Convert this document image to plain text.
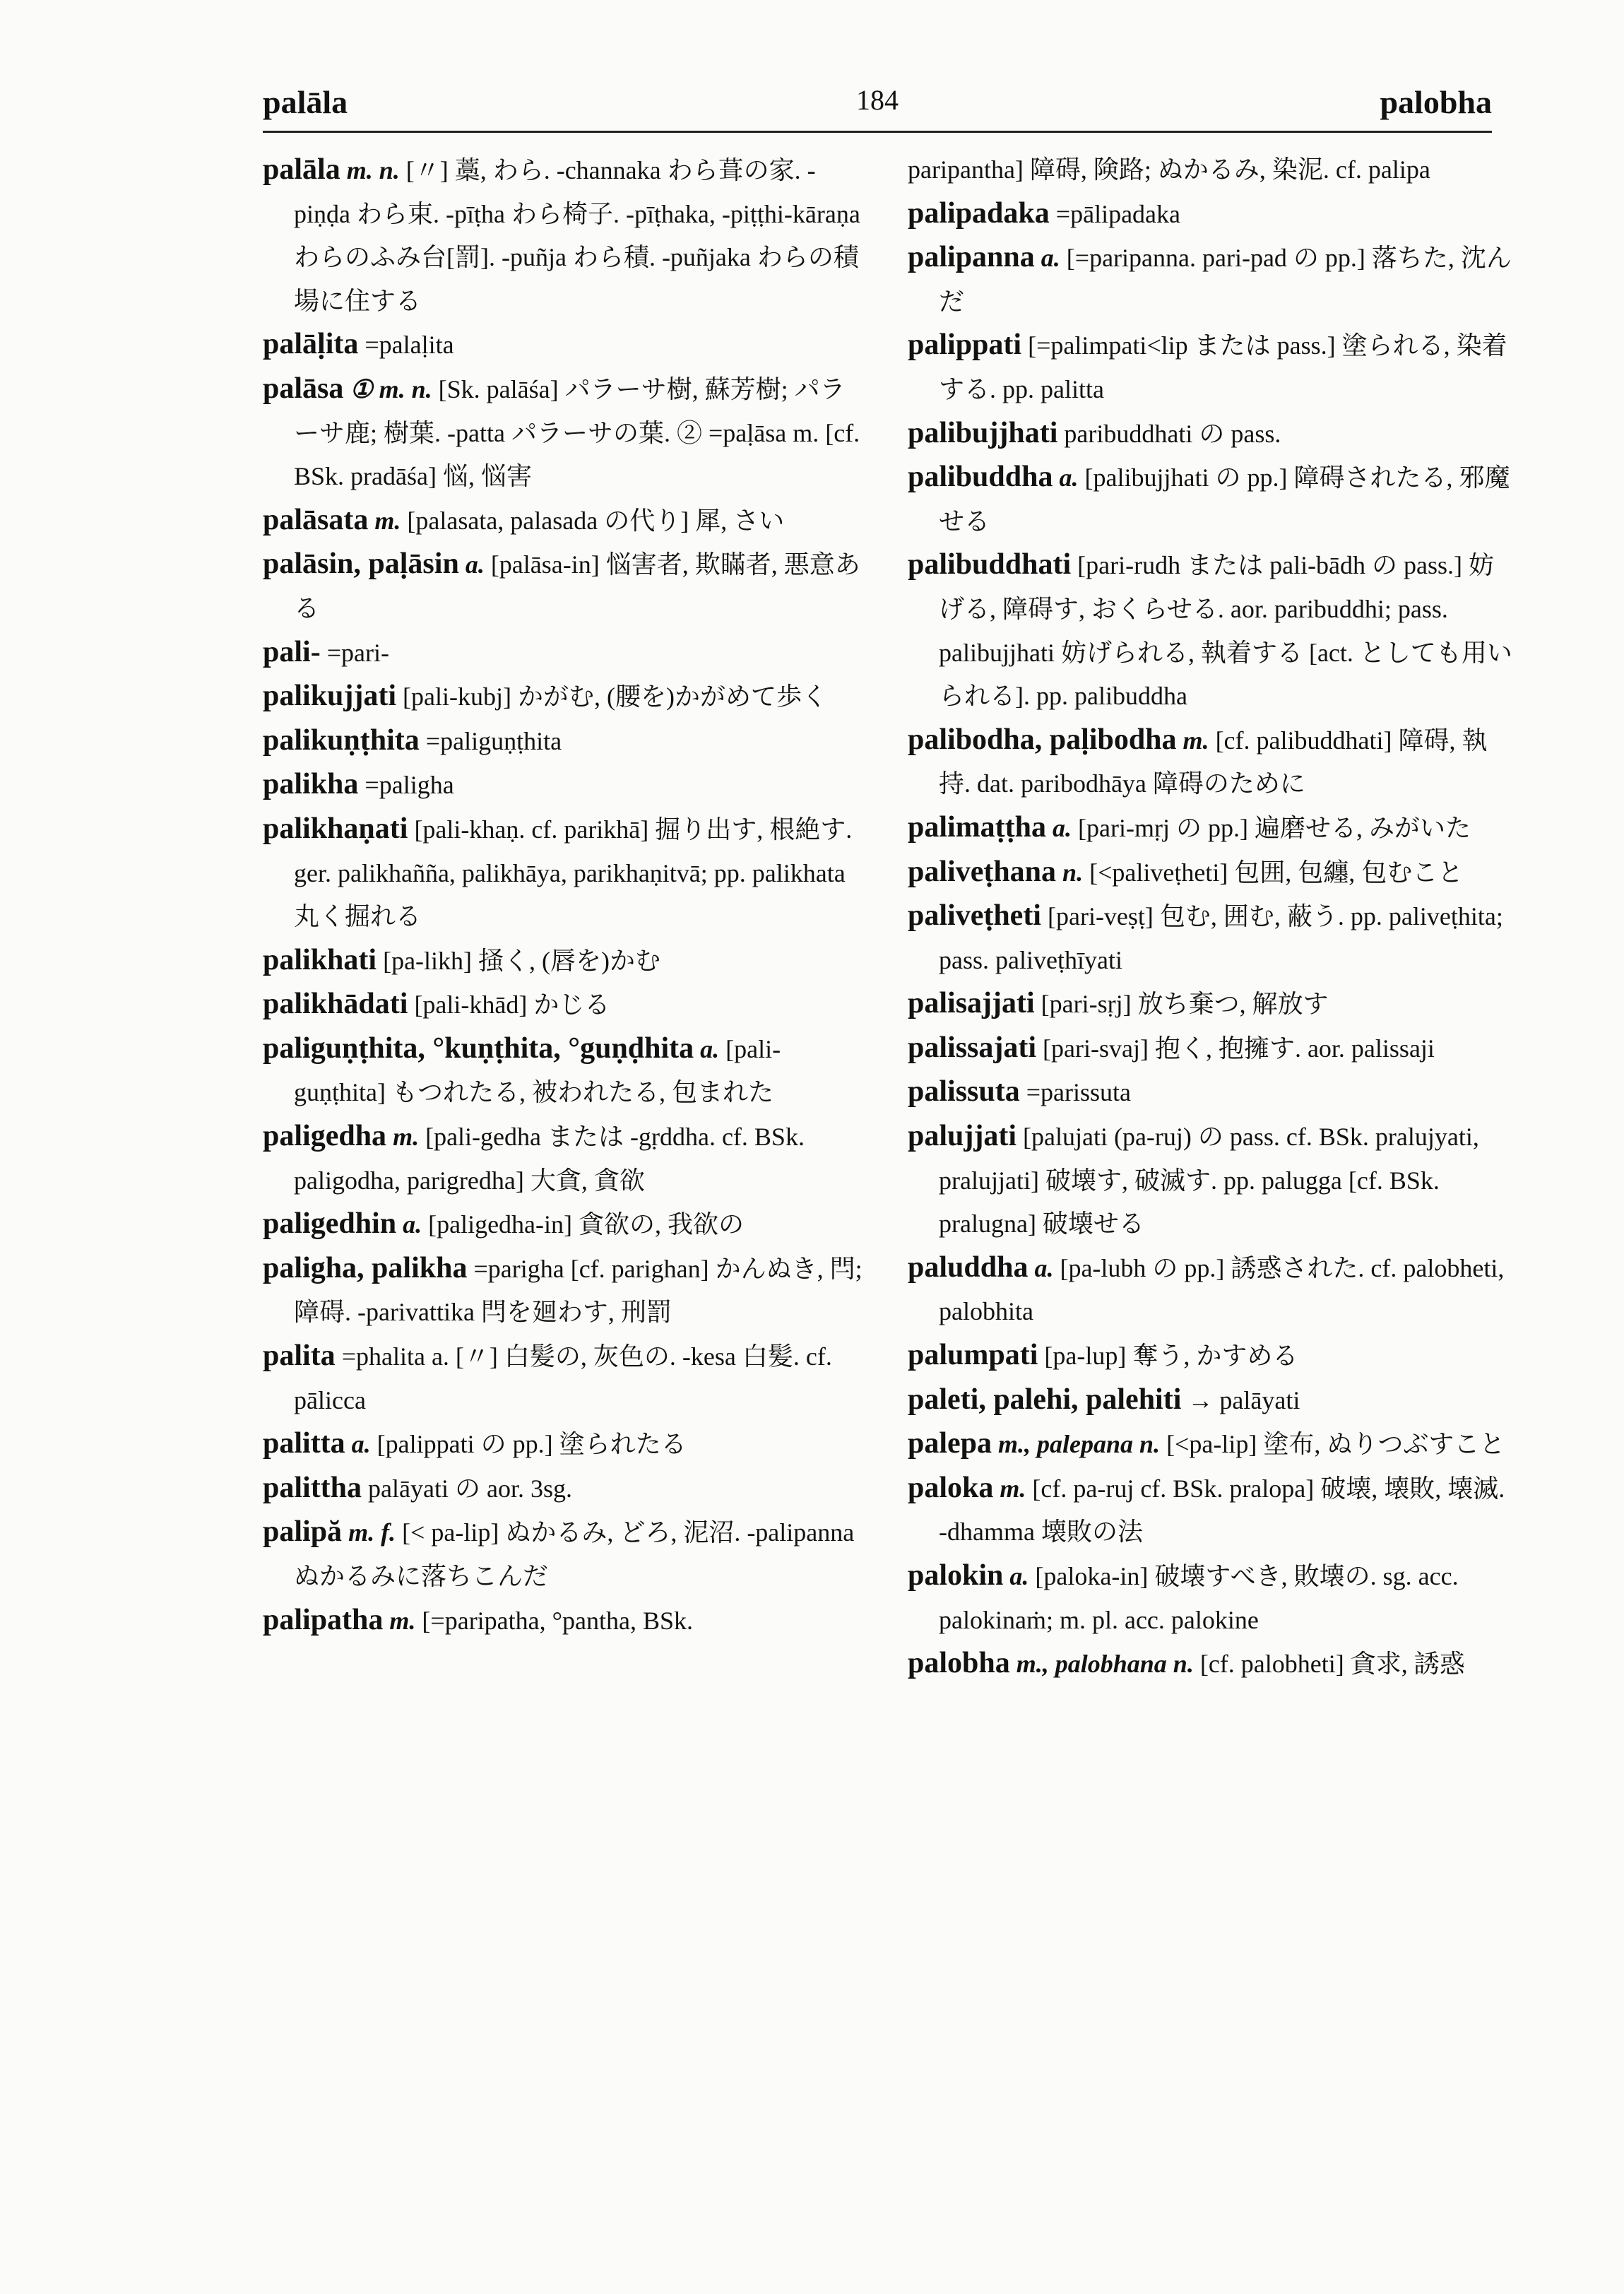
palāla	184	palobha

palāla m. n. [〃] 藁, わら. -channaka わら葺の家. -piṇḍa わら束. -pīṭha わら椅子. -pīṭhaka, -piṭṭhi-kāraṇa わらのふみ台[罰]. -puñja わら積. -puñjaka わらの積場に住する

palāḷita =palaḷita

palāsa ① m. n. [Sk. palāśa] パラーサ樹, 蘇芳樹; パラーサ鹿; 樹葉. -patta パラーサの葉. ② =paḷāsa m. [cf. BSk. pradāśa] 悩, 悩害

palāsata m. [palasata, palasada の代り] 犀, さい

palāsin, paḷāsin a. [palāsa-in] 悩害者, 欺瞞者, 悪意ある

pali- =pari-

palikujjati [pali-kubj] かがむ, (腰を)かがめて歩く

palikuṇṭhita =paliguṇṭhita

palikha =paligha

palikhaṇati [pali-khaṇ. cf. parikhā] 掘り出す, 根絶す. ger. palikhañña, palikhāya, parikhaṇitvā; pp. palikhata 丸く掘れる

palikhati [pa-likh] 掻く, (唇を)かむ

palikhādati [pali-khād] かじる

paliguṇṭhita, °kuṇṭhita, °guṇḍhita a. [pali-guṇṭhita] もつれたる, 被われたる, 包まれた

paligedha m. [pali-gedha または -gṛddha. cf. BSk. paligodha, parigredha] 大貪, 貪欲

paligedhin a. [paligedha-in] 貪欲の, 我欲の

paligha, palikha =parigha [cf. parighan] かんぬき, 閂; 障碍. -parivattika 閂を廻わす, 刑罰

palita =phalita a. [〃] 白髪の, 灰色の. -kesa 白髪. cf. pālicca

palitta a. [palippati の pp.] 塗られたる

palittha palāyati の aor. 3sg.

palipă m. f. [< pa-lip] ぬかるみ, どろ, 泥沼. -palipanna ぬかるみに落ちこんだ

palipatha m. [=paripatha, °pantha, BSk.

paripantha] 障碍, 険路; ぬかるみ, 染泥. cf. palipa

palipadaka =pālipadaka

palipanna a. [=paripanna. pari-pad の pp.] 落ちた, 沈んだ

palippati [=palimpati<lip または pass.] 塗られる, 染着する. pp. palitta

palibujjhati paribuddhati の pass.

palibuddha a. [palibujjhati の pp.] 障碍されたる, 邪魔せる

palibuddhati [pari-rudh または pali-bādh の pass.] 妨げる, 障碍す, おくらせる. aor. paribuddhi; pass. palibujjhati 妨げられる, 執着する [act. としても用いられる]. pp. palibuddha

palibodha, paḷibodha m. [cf. palibuddhati] 障碍, 執持. dat. paribodhāya 障碍のために

palimaṭṭha a. [pari-mṛj の pp.] 遍磨せる, みがいた

paliveṭhana n. [<paliveṭheti] 包囲, 包纏, 包むこと

paliveṭheti [pari-veṣṭ] 包む, 囲む, 蔽う. pp. paliveṭhita; pass. paliveṭhīyati

palisajjati [pari-sṛj] 放ち棄つ, 解放す

palissajati [pari-svaj] 抱く, 抱擁す. aor. palissaji

palissuta =parissuta

palujjati [palujati (pa-ruj) の pass. cf. BSk. pralujyati, pralujjati] 破壊す, 破滅す. pp. palugga [cf. BSk. pralugna] 破壊せる

paluddha a. [pa-lubh の pp.] 誘惑された. cf. palobheti, palobhita

palumpati [pa-lup] 奪う, かすめる

paleti, palehi, palehiti → palāyati

palepa m., palepana n. [<pa-lip] 塗布, ぬりつぶすこと

paloka m. [cf. pa-ruj cf. BSk. pralopa] 破壊, 壊敗, 壊滅. -dhamma 壊敗の法

palokin a. [paloka-in] 破壊すべき, 敗壊の. sg. acc. palokinaṁ; m. pl. acc. palokine

palobha m., palobhana n. [cf. palobheti] 貪求, 誘惑
